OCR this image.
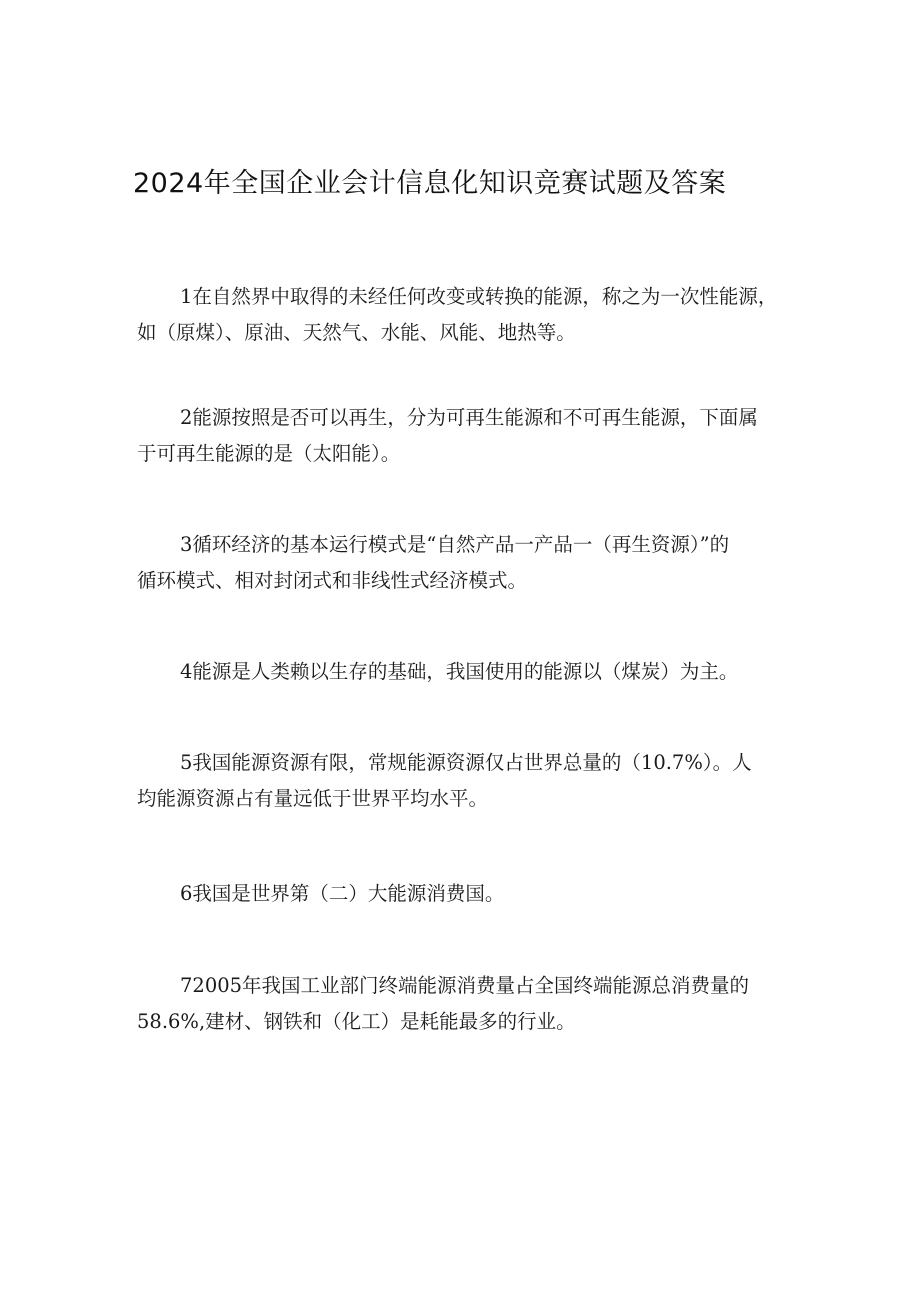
2024年全国企业会计信息化知识竞赛试题及答案
1在自然界中取得的未经任何改变或转换的能源，称之为一次性能源，
如（原煤）、原油、天然气、水能、风能、地热等。
2能源按照是否可以再生，分为可再生能源和不可再生能源，下面属
于可再生能源的是（太阳能）。
3循环经济的基本运行模式是“自然产品一产品一（再生资源）”的
循环模式、相对封闭式和非线性式经济模式。
4能源是人类赖以生存的基础，我国使用的能源以（煤炭）为主。
5我国能源资源有限，常规能源资源仅占世界总量的（10.7%）。人
均能源资源占有量远低于世界平均水平。
6我国是世界第（二）大能源消费国。
72005年我国工业部门终端能源消费量占全国终端能源总消费量的
58.6%,建材、钢铁和（化工）是耗能最多的行业。
